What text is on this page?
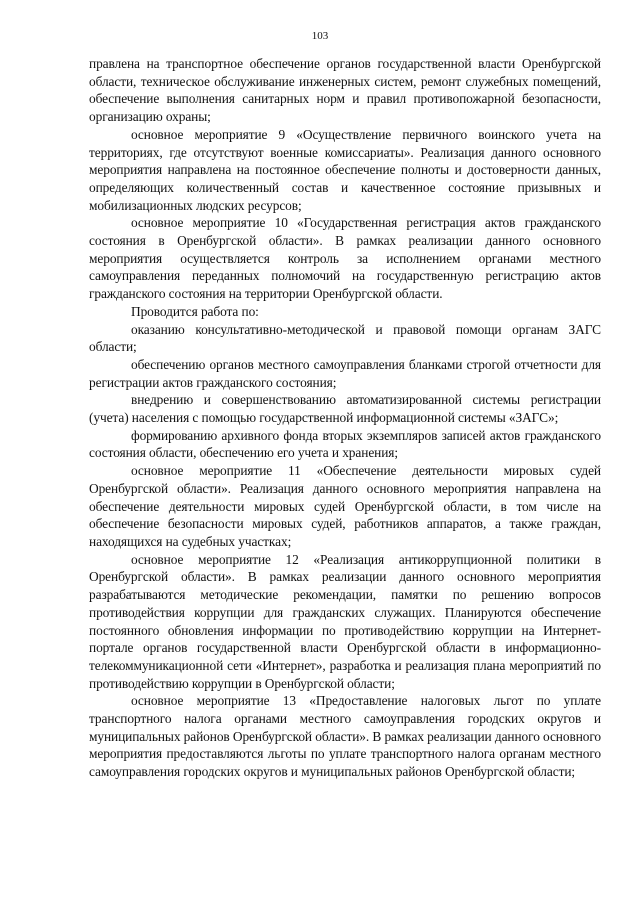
103

правлена на транспортное обеспечение органов государственной власти Оренбургской области, техническое обслуживание инженерных систем, ремонт служебных помещений, обеспечение выполнения санитарных норм и правил противопожарной безопасности, организацию охраны;

основное мероприятие 9 «Осуществление первичного воинского учета на территориях, где отсутствуют военные комиссариаты». Реализация данного основного мероприятия направлена на постоянное обеспечение полноты и достоверности данных, определяющих количественный состав и качественное состояние призывных и мобилизационных людских ресурсов;

основное мероприятие 10 «Государственная регистрация актов гражданского состояния в Оренбургской области». В рамках реализации данного основного мероприятия осуществляется контроль за исполнением органами местного самоуправления переданных полномочий на государственную регистрацию актов гражданского состояния на территории Оренбургской области.

Проводится работа по:

оказанию консультативно-методической и правовой помощи органам ЗАГС области;

обеспечению органов местного самоуправления бланками строгой отчетности для регистрации актов гражданского состояния;

внедрению и совершенствованию автоматизированной системы регистрации (учета) населения с помощью государственной информационной системы «ЗАГС»;

формированию архивного фонда вторых экземпляров записей актов гражданского состояния области, обеспечению его учета и хранения;

основное мероприятие 11 «Обеспечение деятельности мировых судей Оренбургской области». Реализация данного основного мероприятия направлена на обеспечение деятельности мировых судей Оренбургской области, в том числе на обеспечение безопасности мировых судей, работников аппаратов, а также граждан, находящихся на судебных участках;

основное мероприятие 12 «Реализация антикоррупционной политики в Оренбургской области». В рамках реализации данного основного мероприятия разрабатываются методические рекомендации, памятки по решению вопросов противодействия коррупции для гражданских служащих. Планируются обеспечение постоянного обновления информации по противодействию коррупции на Интернет-портале органов государственной власти Оренбургской области в информационно-телекоммуникационной сети «Интернет», разработка и реализация плана мероприятий по противодействию коррупции в Оренбургской области;

основное мероприятие 13 «Предоставление налоговых льгот по уплате транспортного налога органами местного самоуправления городских округов и муниципальных районов Оренбургской области». В рамках реализации данного основного мероприятия предоставляются льготы по уплате транспортного налога органам местного самоуправления городских округов и муниципальных районов Оренбургской области;
